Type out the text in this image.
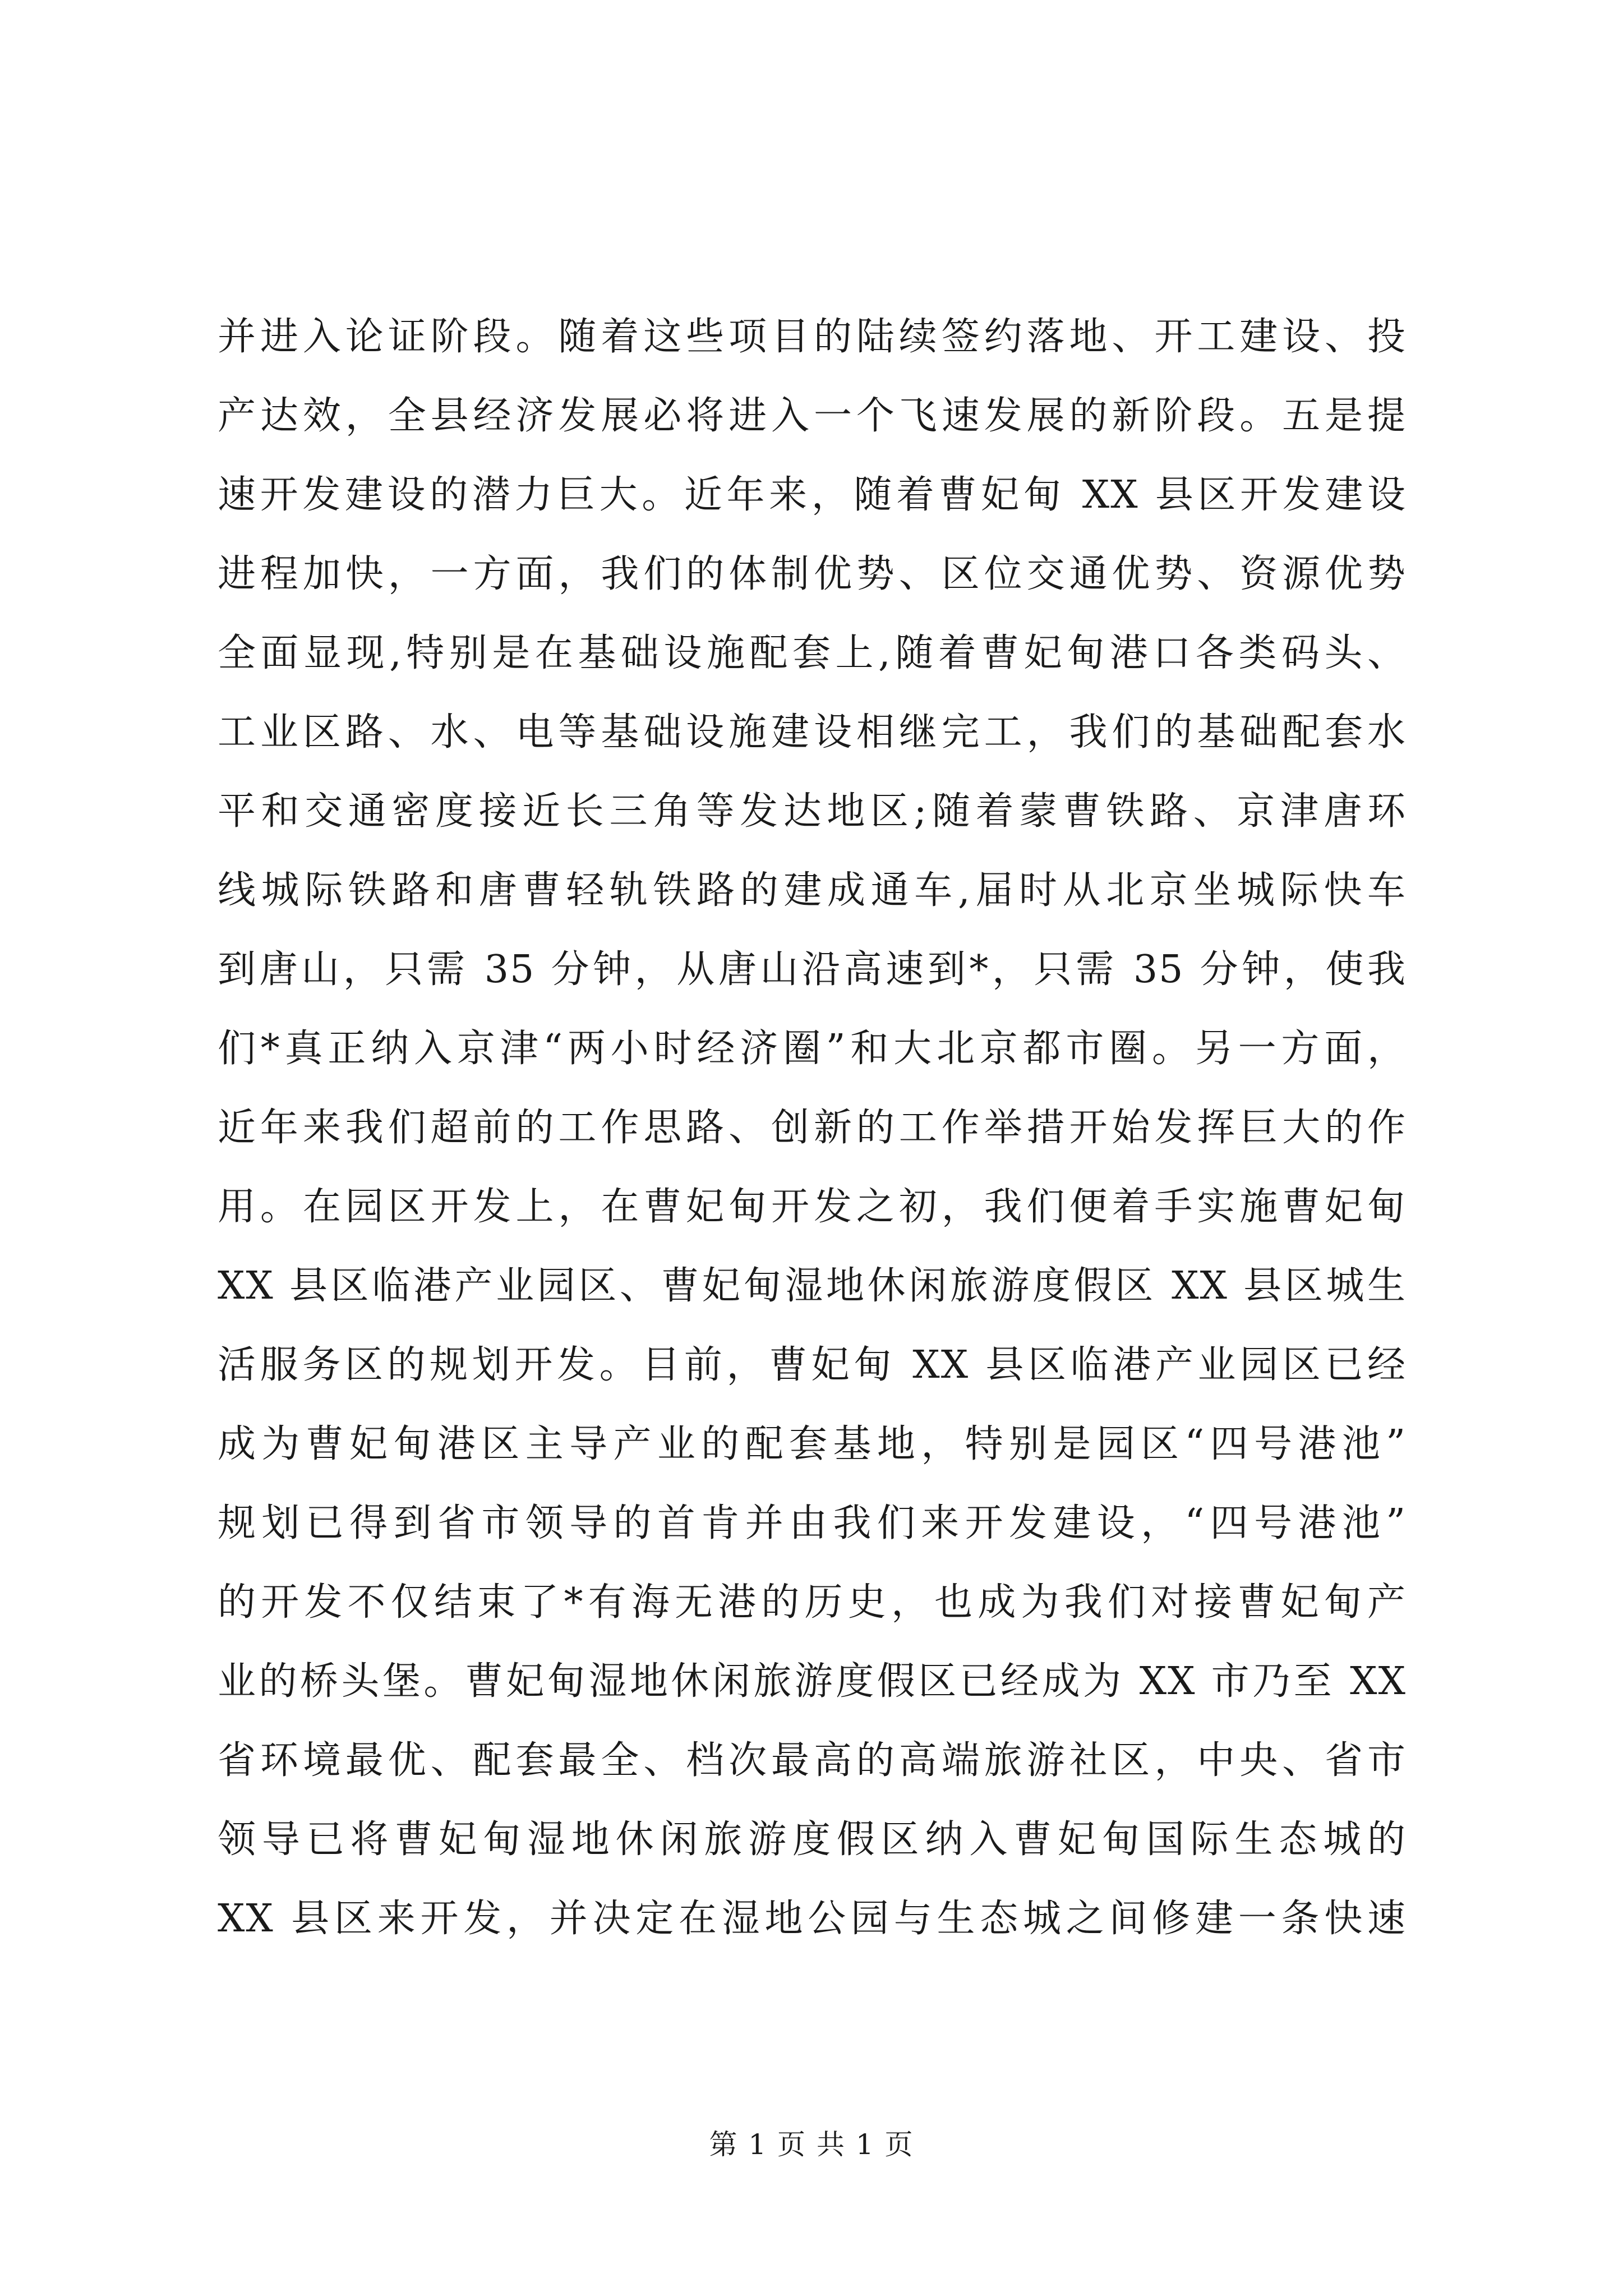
并进入论证阶段。随着这些项目的陆续签约落地、开工建设、投
产达效，全县经济发展必将进入一个飞速发展的新阶段。五是提
速开发建设的潜力巨大。近年来，随着曹妃甸 XX 县区开发建设
进程加快，一方面，我们的体制优势、区位交通优势、资源优势
全面显现,特别是在基础设施配套上,随着曹妃甸港口各类码头、
工业区路、水、电等基础设施建设相继完工，我们的基础配套水
平和交通密度接近长三角等发达地区;随着蒙曹铁路、京津唐环
线城际铁路和唐曹轻轨铁路的建成通车,届时从北京坐城际快车
到唐山，只需 35 分钟，从唐山沿高速到*，只需 35 分钟，使我
们*真正纳入京津“两小时经济圈”和大北京都市圈。另一方面，
近年来我们超前的工作思路、创新的工作举措开始发挥巨大的作
用。在园区开发上，在曹妃甸开发之初，我们便着手实施曹妃甸
XX 县区临港产业园区、曹妃甸湿地休闲旅游度假区 XX 县区城生
活服务区的规划开发。目前，曹妃甸 XX 县区临港产业园区已经
成为曹妃甸港区主导产业的配套基地，特别是园区“四号港池”
规划已得到省市领导的首肯并由我们来开发建设，“四号港池”
的开发不仅结束了*有海无港的历史，也成为我们对接曹妃甸产
业的桥头堡。曹妃甸湿地休闲旅游度假区已经成为 XX 市乃至 XX
省环境最优、配套最全、档次最高的高端旅游社区，中央、省市
领导已将曹妃甸湿地休闲旅游度假区纳入曹妃甸国际生态城的
XX 县区来开发，并决定在湿地公园与生态城之间修建一条快速
第 1 页 共 1 页
